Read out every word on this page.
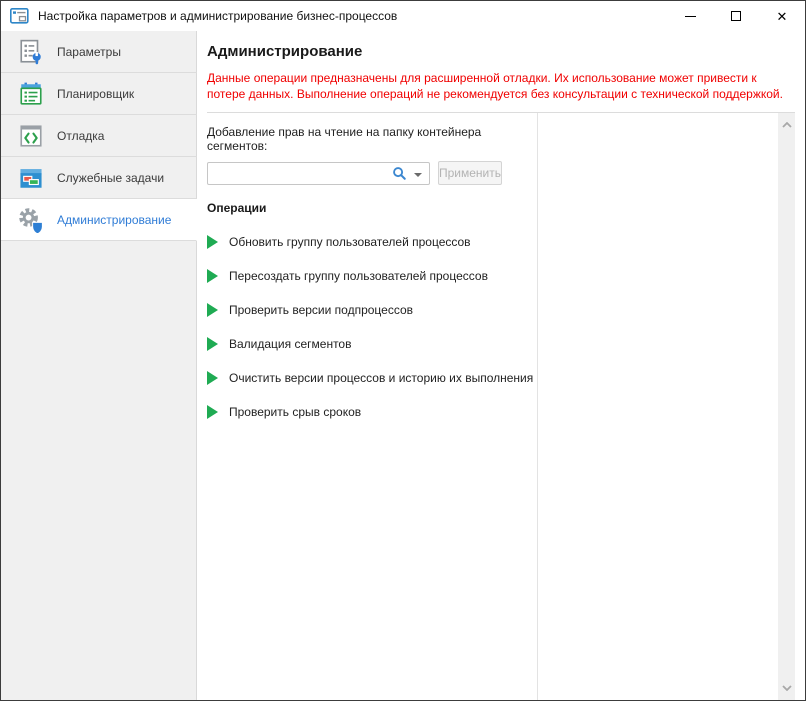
Настройка параметров и администрирование бизнес-процессов	✕
Параметры
Планировщик
Отладка
Служебные задачи
Администрирование
Администрирование

Данные операции предназначены для расширенной отладки. Их использование может привести к потере данных. Выполнение операций не рекомендуется без консультации с технической поддержкой.

Добавление прав на чтение на папку контейнера сегментов:
Применить
Операции
Обновить группу пользователей процессов
Пересоздать группу пользователей процессов
Проверить версии подпроцессов
Валидация сегментов
Очистить версии процессов и историю их выполнения
Проверить срыв сроков
